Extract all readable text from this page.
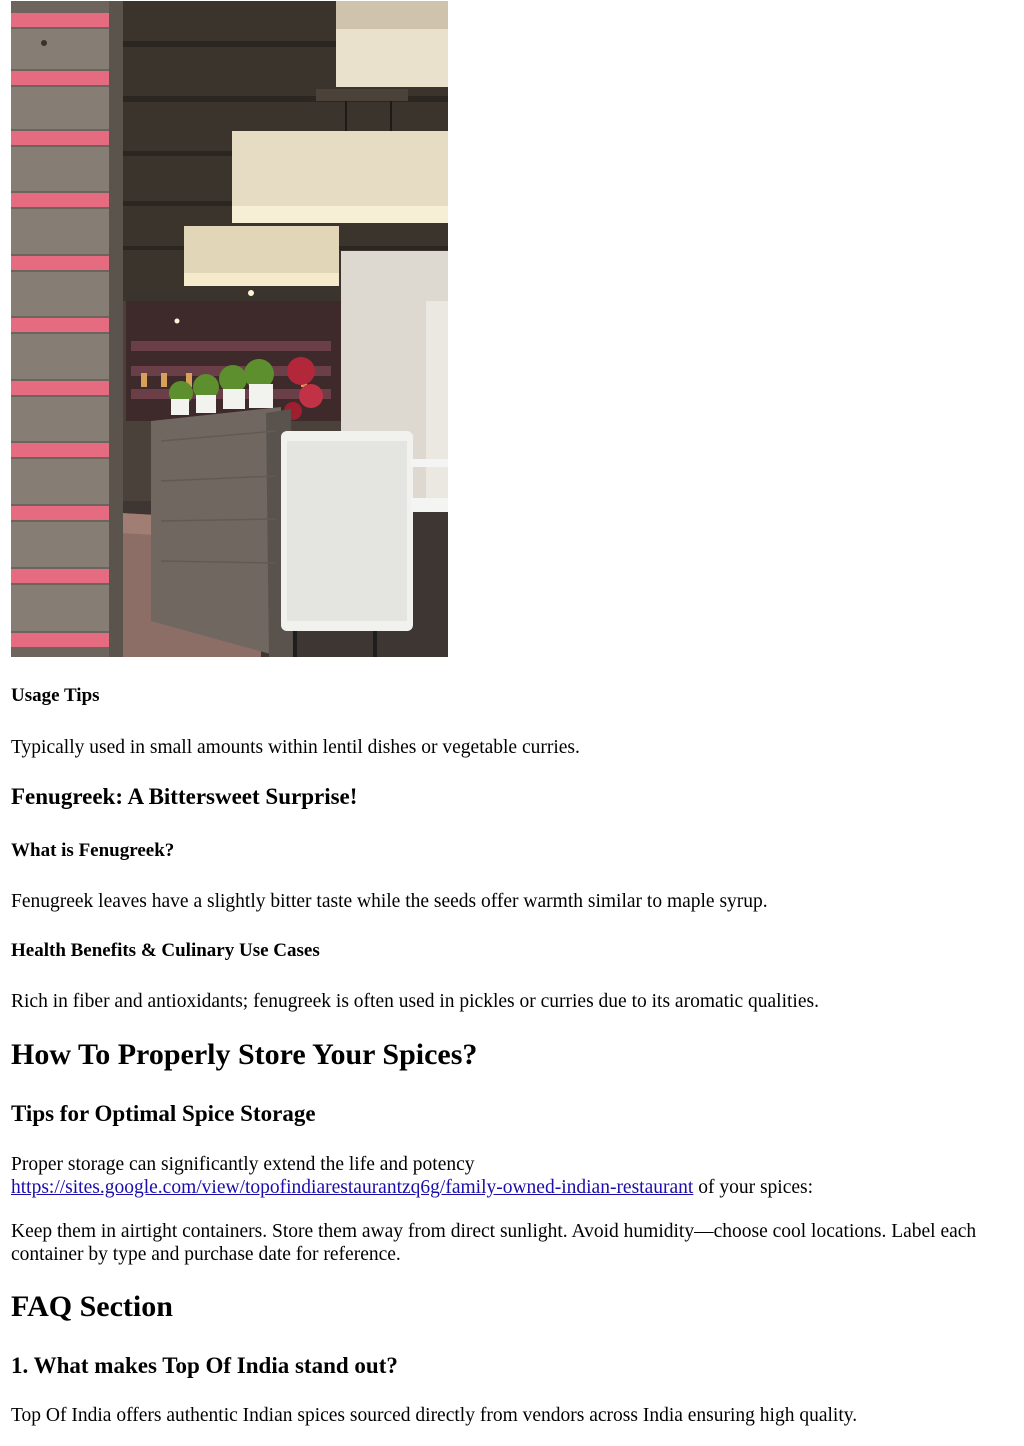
Usage Tips

Typically used in small amounts within lentil dishes or vegetable curries.

Fenugreek: A Bittersweet Surprise!
What is Fenugreek?

Fenugreek leaves have a slightly bitter taste while the seeds offer warmth similar to maple syrup.

Health Benefits & Culinary Use Cases

Rich in fiber and antioxidants; fenugreek is often used in pickles or curries due to its aromatic qualities.

How To Properly Store Your Spices?
Tips for Optimal Spice Storage

Proper storage can significantly extend the life and potency
https://sites.google.com/view/topofindiarestaurantzq6g/family-owned-indian-restaurant of your spices:

Keep them in airtight containers. Store them away from direct sunlight. Avoid humidity—choose cool locations. Label each container by type and purchase date for reference.

FAQ Section
1. What makes Top Of India stand out?

Top Of India offers authentic Indian spices sourced directly from vendors across India ensuring high quality.
